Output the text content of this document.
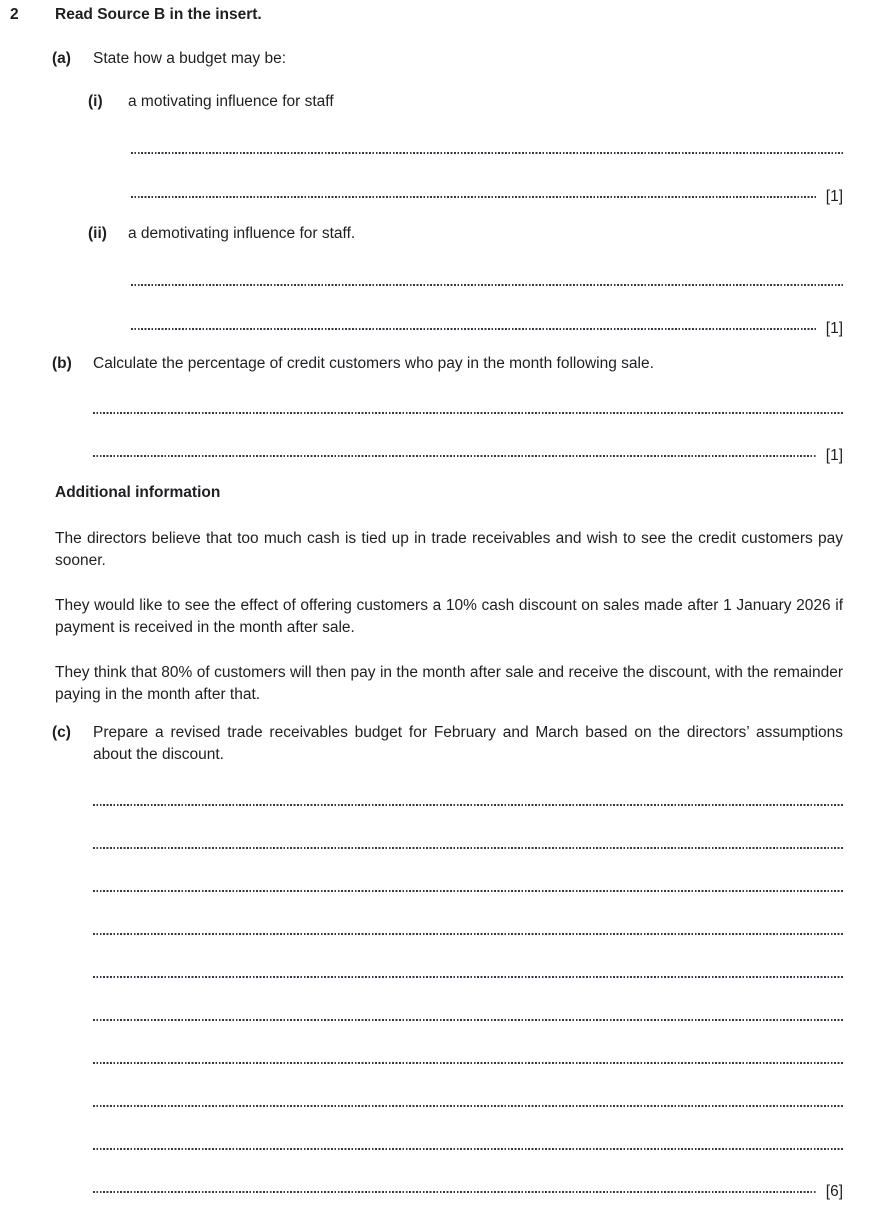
2	Read Source B in the insert.
(a)	State how a budget may be:
(i)	a motivating influence for staff
[1]
(ii)	a demotivating influence for staff.
[1]
(b)	Calculate the percentage of credit customers who pay in the month following sale.
[1]
Additional information

The directors believe that too much cash is tied up in trade receivables and wish to see the credit customers pay sooner.

They would like to see the effect of offering customers a 10% cash discount on sales made after 1 January 2026 if payment is received in the month after sale.

They think that 80% of customers will then pay in the month after sale and receive the discount, with the remainder paying in the month after that.

(c)	Prepare a revised trade receivables budget for February and March based on the directors’ assumptions about the discount.
[6]
